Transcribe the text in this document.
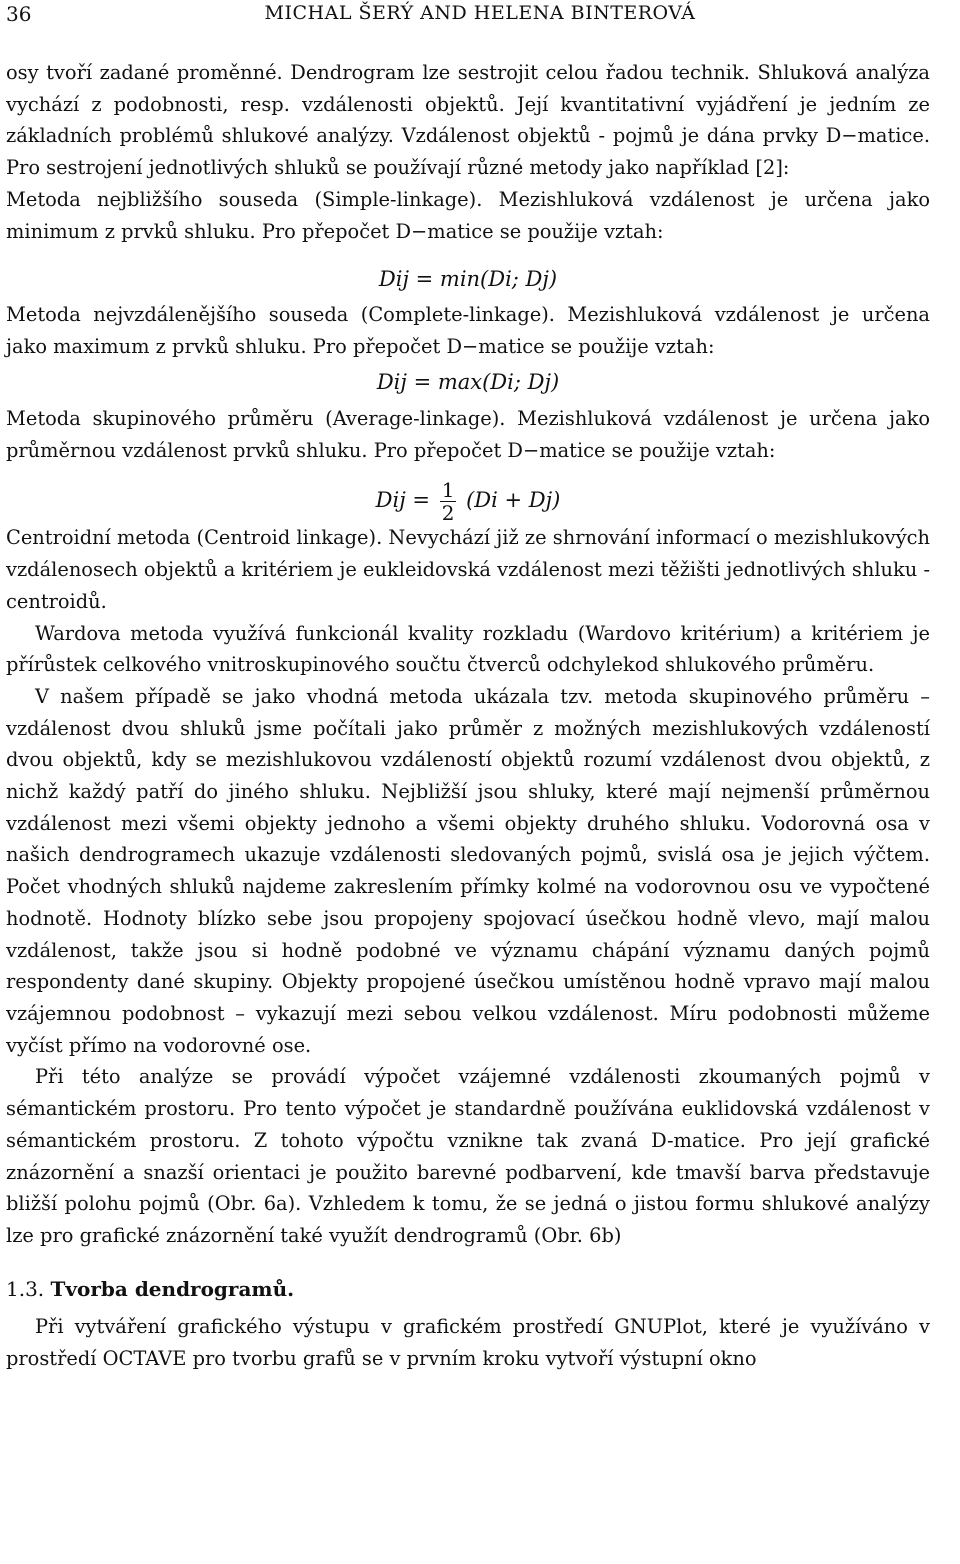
36	MICHAL ŠERÝ AND HELENA BINTEROVÁ

osy tvoří zadané proměnné. Dendrogram lze sestrojit celou řadou technik. Shluková analýza vychází z podobnosti, resp. vzdálenosti objektů. Její kvantitativní vyjádření je jedním ze základních problémů shlukové analýzy. Vzdálenost objektů - pojmů je dána prvky D−matice. Pro sestrojení jednotlivých shluků se používají různé metody jako například [2]:

Metoda nejbližšího souseda (Simple-linkage). Mezishluková vzdálenost je určena jako minimum z prvků shluku. Pro přepočet D−matice se použije vztah:

Dij = min(Di; Dj)

Metoda nejvzdálenějšího souseda (Complete-linkage). Mezishluková vzdálenost je určena jako maximum z prvků shluku. Pro přepočet D−matice se použije vztah:

Dij = max(Di; Dj)

Metoda skupinového průměru (Average-linkage). Mezishluková vzdálenost je určena jako průměrnou vzdálenost prvků shluku. Pro přepočet D−matice se použije vztah:

Dij = $\frac{1}{2} (Di + Dj)$

Centroidní metoda (Centroid linkage). Nevychází již ze shrnování informací o mezishlukových vzdálenosech objektů a kritériem je eukleidovská vzdálenost mezi těžišti jednotlivých shluku - centroidů.

Wardova metoda využívá funkcionál kvality rozkladu (Wardovo kritérium) a kritériem je přírůstek celkového vnitroskupinového součtu čtverců odchylekod shlukového průměru.

V našem případě se jako vhodná metoda ukázala tzv. metoda skupinového průměru – vzdálenost dvou shluků jsme počítali jako průměr z možných mezishlukových vzdáleností dvou objektů, kdy se mezishlukovou vzdáleností objektů rozumí vzdálenost dvou objektů, z nichž každý patří do jiného shluku. Nejbližší jsou shluky, které mají nejmenší průměrnou vzdálenost mezi všemi objekty jednoho a všemi objekty druhého shluku. Vodorovná osa v našich dendrogramech ukazuje vzdálenosti sledovaných pojmů, svislá osa je jejich výčtem. Počet vhodných shluků najdeme zakreslením přímky kolmé na vodorovnou osu ve vypočtené hodnotě. Hodnoty blízko sebe jsou propojeny spojovací úsečkou hodně vlevo, mají malou vzdálenost, takže jsou si hodně podobné ve významu chápání významu daných pojmů respondenty dané skupiny. Objekty propojené úsečkou umístěnou hodně vpravo mají malou vzájemnou podobnost – vykazují mezi sebou velkou vzdálenost. Míru podobnosti můžeme vyčíst přímo na vodorovné ose.

Při této analýze se provádí výpočet vzájemné vzdálenosti zkoumaných pojmů v sémantickém prostoru. Pro tento výpočet je standardně používána euklidovská vzdálenost v sémantickém prostoru. Z tohoto výpočtu vznikne tak zvaná D-matice. Pro její grafické znázornění a snazší orientaci je použito barevné podbarvení, kde tmavší barva představuje bližší polohu pojmů (Obr. 6a). Vzhledem k tomu, že se jedná o jistou formu shlukové analýzy lze pro grafické znázornění také využít dendrogramů (Obr. 6b)

1.3. Tvorba dendrogramů.

Při vytváření grafického výstupu v grafickém prostředí GNUPlot, které je využíváno v prostředí OCTAVE pro tvorbu grafů se v prvním kroku vytvoří výstupní okno
